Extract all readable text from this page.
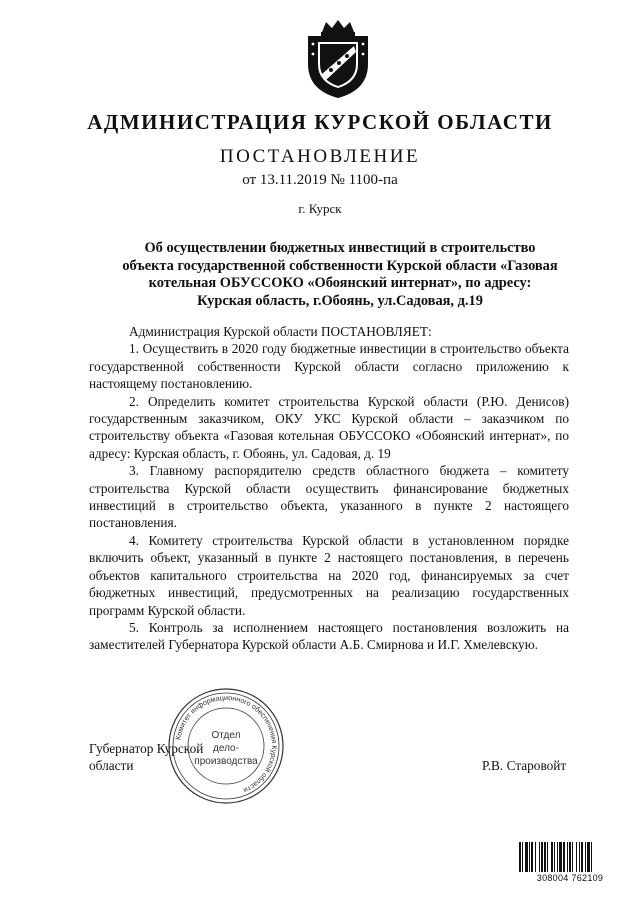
АДМИНИСТРАЦИЯ КУРСКОЙ ОБЛАСТИ
ПОСТАНОВЛЕНИЕ
от 13.11.2019 № 1100-па
г. Курск
Об осуществлении бюджетных инвестиций в строительство объекта государственной собственности Курской области «Газовая котельная ОБУССОКО «Обоянский интернат», по адресу: Курская область, г.Обоянь, ул.Садовая, д.19

Администрация Курской области ПОСТАНОВЛЯЕТ:

1. Осуществить в 2020 году бюджетные инвестиции в строительство объекта государственной собственности Курской области согласно приложению к настоящему постановлению.

2. Определить комитет строительства Курской области (Р.Ю. Денисов) государственным заказчиком, ОКУ УКС Курской области – заказчиком по строительству объекта «Газовая котельная ОБУССОКО «Обоянский интернат», по адресу: Курская область, г. Обоянь, ул. Садовая, д. 19

3. Главному распорядителю средств областного бюджета – комитету строительства Курской области осуществить финансирование бюджетных инвестиций в строительство объекта, указанного в пункте 2 настоящего постановления.

4. Комитету строительства Курской области в установленном порядке включить объект, указанный в пункте 2 настоящего постановления, в перечень объектов капитального строительства на 2020 год, финансируемых за счет бюджетных инвестиций, предусмотренных на реализацию государственных программ Курской области.

5. Контроль за исполнением настоящего постановления возложить на заместителей Губернатора Курской области А.Б. Смирнова и И.Г. Хмелевскую.

Губернатор Курской области	Р.В. Старовойт
Комитет информационного обеспечения Курской области
Отдел
дело-
производства
308004 762109
